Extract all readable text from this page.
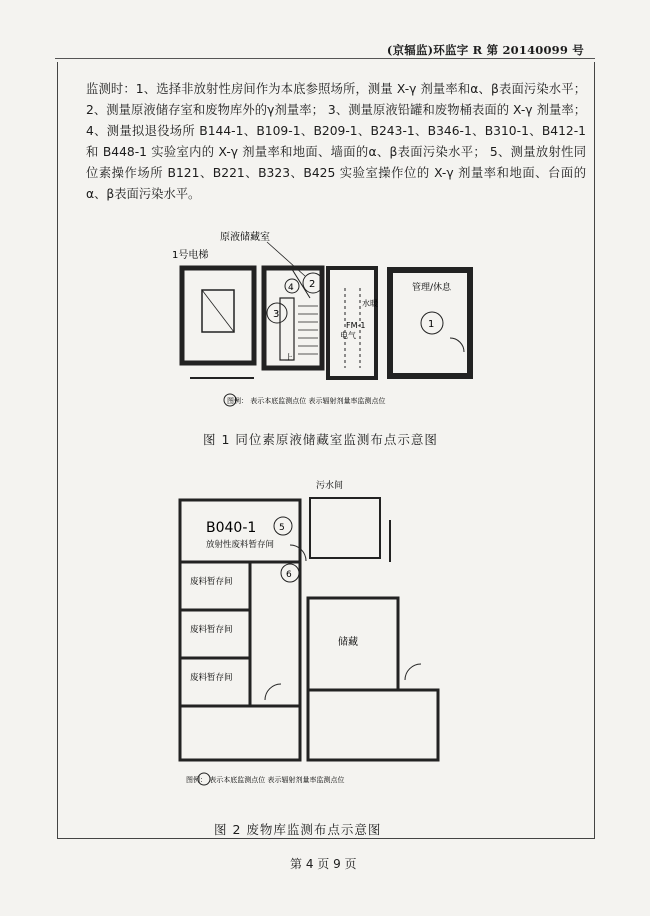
(京辐监)环监字 R 第 20140099 号
监测时：1、选择非放射性房间作为本底参照场所，测量 X-γ 剂量率和α、β表面污染水平； 2、测量原液储存室和废物库外的γ剂量率； 3、测量原液铅罐和废物桶表面的 X-γ 剂量率； 4、测量拟退役场所 B144-1、B109-1、B209-1、B243-1、B346-1、B310-1、B412-1 和 B448-1 实验室内的 X-γ 剂量率和地面、墙面的α、β表面污染水平； 5、测量放射性同位素操作场所 B121、B221、B323、B425 实验室操作位的 X-γ 剂量率和地面、台面的α、β表面污染水平。
原液储藏室
1号电梯
管理/休息
电气
水暖
FM-1
上
1
2
3
4
图例： 表示本底监测点位 表示辐射剂量率监测点位
图 1 同位素原液储藏室监测布点示意图
B040-1
放射性废料暂存间
污水间
废料暂存间
废料暂存间
废料暂存间
储藏
5
6
图例： 表示本底监测点位 表示辐射剂量率监测点位
图 2 废物库监测布点示意图
第 4 页 9 页
